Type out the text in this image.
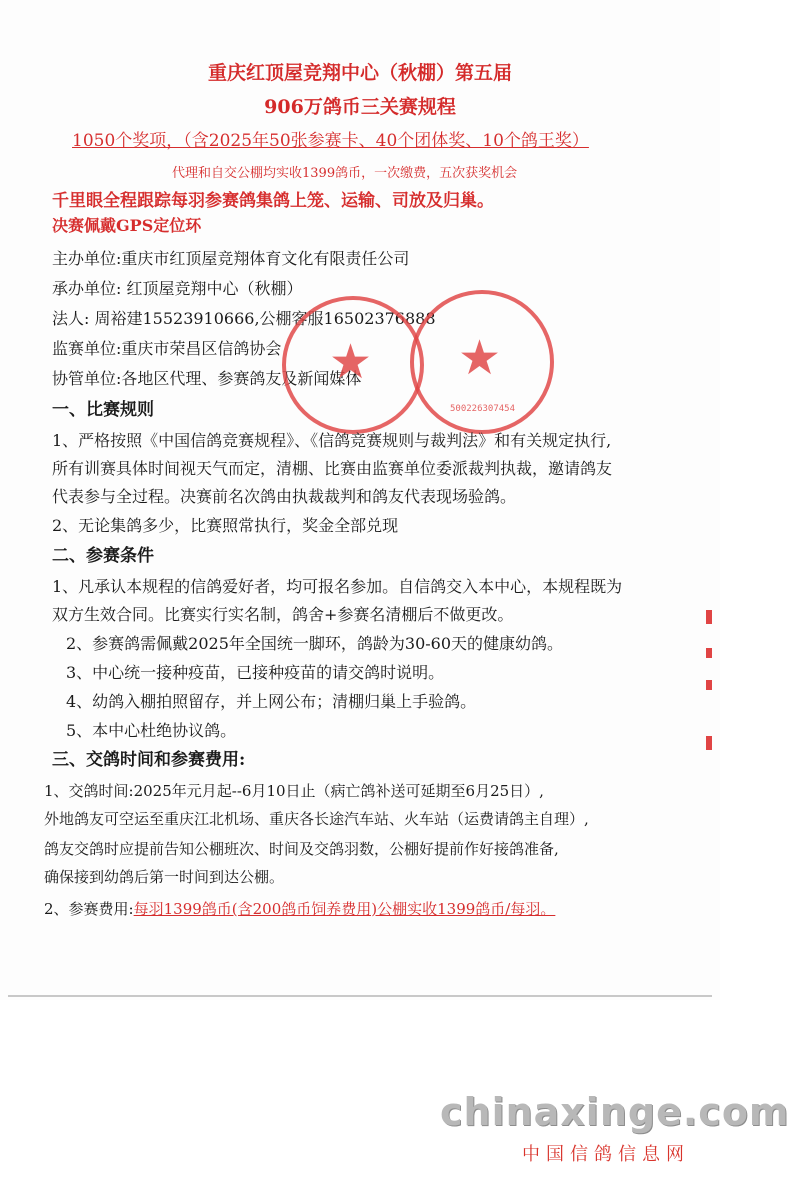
重庆红顶屋竞翔中心（秋棚）第五届
906万鸽币三关赛规程
1050个奖项，（含2025年50张参赛卡、40个团体奖、10个鸽王奖）
代理和自交公棚均实收1399鸽币，一次缴费，五次获奖机会
千里眼全程跟踪每羽参赛鸽集鸽上笼、运输、司放及归巢。
决赛佩戴GPS定位环
主办单位:重庆市红顶屋竞翔体育文化有限责任公司
承办单位: 红顶屋竞翔中心（秋棚）
法人: 周裕建15523910666,公棚客服16502376888
监赛单位:重庆市荣昌区信鸽协会
协管单位:各地区代理、参赛鸽友及新闻媒体
★ ★
500226307454
一、比赛规则
1、严格按照《中国信鸽竞赛规程》、《信鸽竞赛规则与裁判法》和有关规定执行,
所有训赛具体时间视天气而定，清棚、比赛由监赛单位委派裁判执裁，邀请鸽友
代表参与全过程。决赛前名次鸽由执裁裁判和鸽友代表现场验鸽。
2、无论集鸽多少，比赛照常执行，奖金全部兑现
二、参赛条件
1、凡承认本规程的信鸽爱好者，均可报名参加。自信鸽交入本中心，本规程既为
双方生效合同。比赛实行实名制，鸽舍+参赛名清棚后不做更改。
2、参赛鸽需佩戴2025年全国统一脚环，鸽龄为30-60天的健康幼鸽。
3、中心统一接种疫苗，已接种疫苗的请交鸽时说明。
4、幼鸽入棚拍照留存，并上网公布；清棚归巢上手验鸽。
5、本中心杜绝协议鸽。
三、交鸽时间和参赛费用:
1、交鸽时间:2025年元月起--6月10日止（病亡鸽补送可延期至6月25日）,
外地鸽友可空运至重庆江北机场、重庆各长途汽车站、火车站（运费请鸽主自理）,
鸽友交鸽时应提前告知公棚班次、时间及交鸽羽数，公棚好提前作好接鸽准备,
确保接到幼鸽后第一时间到达公棚。
2、参赛费用:每羽1399鸽币(含200鸽币饲养费用)公棚实收1399鸽币/每羽。
chinaxinge.com
中国信鸽信息网
